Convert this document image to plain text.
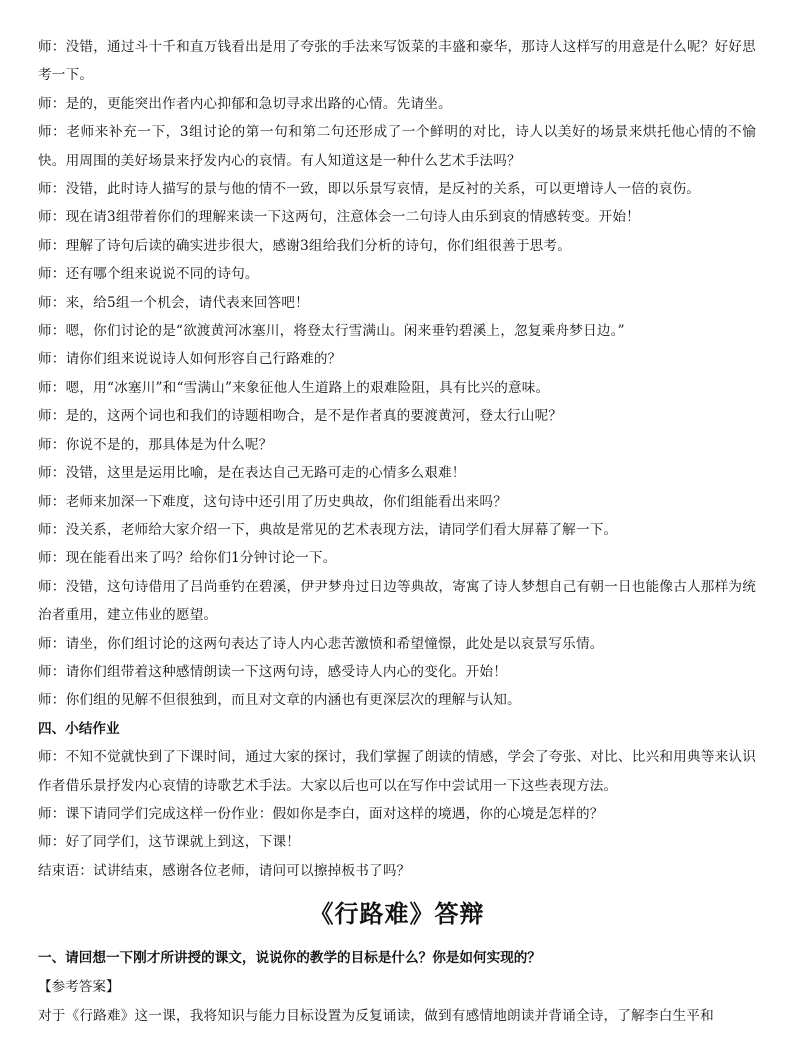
师：没错，通过斗十千和直万钱看出是用了夸张的手法来写饭菜的丰盛和豪华，那诗人这样写的用意是什么呢？好好思考一下。

师：是的，更能突出作者内心抑郁和急切寻求出路的心情。先请坐。

师：老师来补充一下，3组讨论的第一句和第二句还形成了一个鲜明的对比，诗人以美好的场景来烘托他心情的不愉快。用周围的美好场景来抒发内心的哀情。有人知道这是一种什么艺术手法吗？

师：没错，此时诗人描写的景与他的情不一致，即以乐景写哀情，是反衬的关系，可以更增诗人一倍的哀伤。

师：现在请3组带着你们的理解来读一下这两句，注意体会一二句诗人由乐到哀的情感转变。开始！

师：理解了诗句后读的确实进步很大，感谢3组给我们分析的诗句，你们组很善于思考。

师：还有哪个组来说说不同的诗句。

师：来，给5组一个机会，请代表来回答吧！

师：嗯，你们讨论的是“欲渡黄河冰塞川，将登太行雪满山。闲来垂钓碧溪上，忽复乘舟梦日边。”

师：请你们组来说说诗人如何形容自己行路难的？

师：嗯，用“冰塞川”和“雪满山”来象征他人生道路上的艰难险阻，具有比兴的意味。

师：是的，这两个词也和我们的诗题相吻合，是不是作者真的要渡黄河，登太行山呢？

师：你说不是的，那具体是为什么呢？

师：没错，这里是运用比喻，是在表达自己无路可走的心情多么艰难！

师：老师来加深一下难度，这句诗中还引用了历史典故，你们组能看出来吗？

师：没关系，老师给大家介绍一下，典故是常见的艺术表现方法，请同学们看大屏幕了解一下。

师：现在能看出来了吗？给你们1分钟讨论一下。

师：没错，这句诗借用了吕尚垂钓在碧溪，伊尹梦舟过日边等典故，寄寓了诗人梦想自己有朝一日也能像古人那样为统治者重用，建立伟业的愿望。

师：请坐，你们组讨论的这两句表达了诗人内心悲苦激愤和希望憧憬，此处是以哀景写乐情。

师：请你们组带着这种感情朗读一下这两句诗，感受诗人内心的变化。开始！

师：你们组的见解不但很独到，而且对文章的内涵也有更深层次的理解与认知。

四、小结作业

师：不知不觉就快到了下课时间，通过大家的探讨，我们掌握了朗读的情感，学会了夸张、对比、比兴和用典等来认识作者借乐景抒发内心哀情的诗歌艺术手法。大家以后也可以在写作中尝试用一下这些表现方法。

师：课下请同学们完成这样一份作业：假如你是李白，面对这样的境遇，你的心境是怎样的？

师：好了同学们，这节课就上到这，下课！

结束语：试讲结束，感谢各位老师，请问可以擦掉板书了吗？

《行路难》答辩

一、请回想一下刚才所讲授的课文，说说你的教学的目标是什么？你是如何实现的？

【参考答案】

对于《行路难》这一课，我将知识与能力目标设置为反复诵读，做到有感情地朗读并背诵全诗，了解李白生平和
